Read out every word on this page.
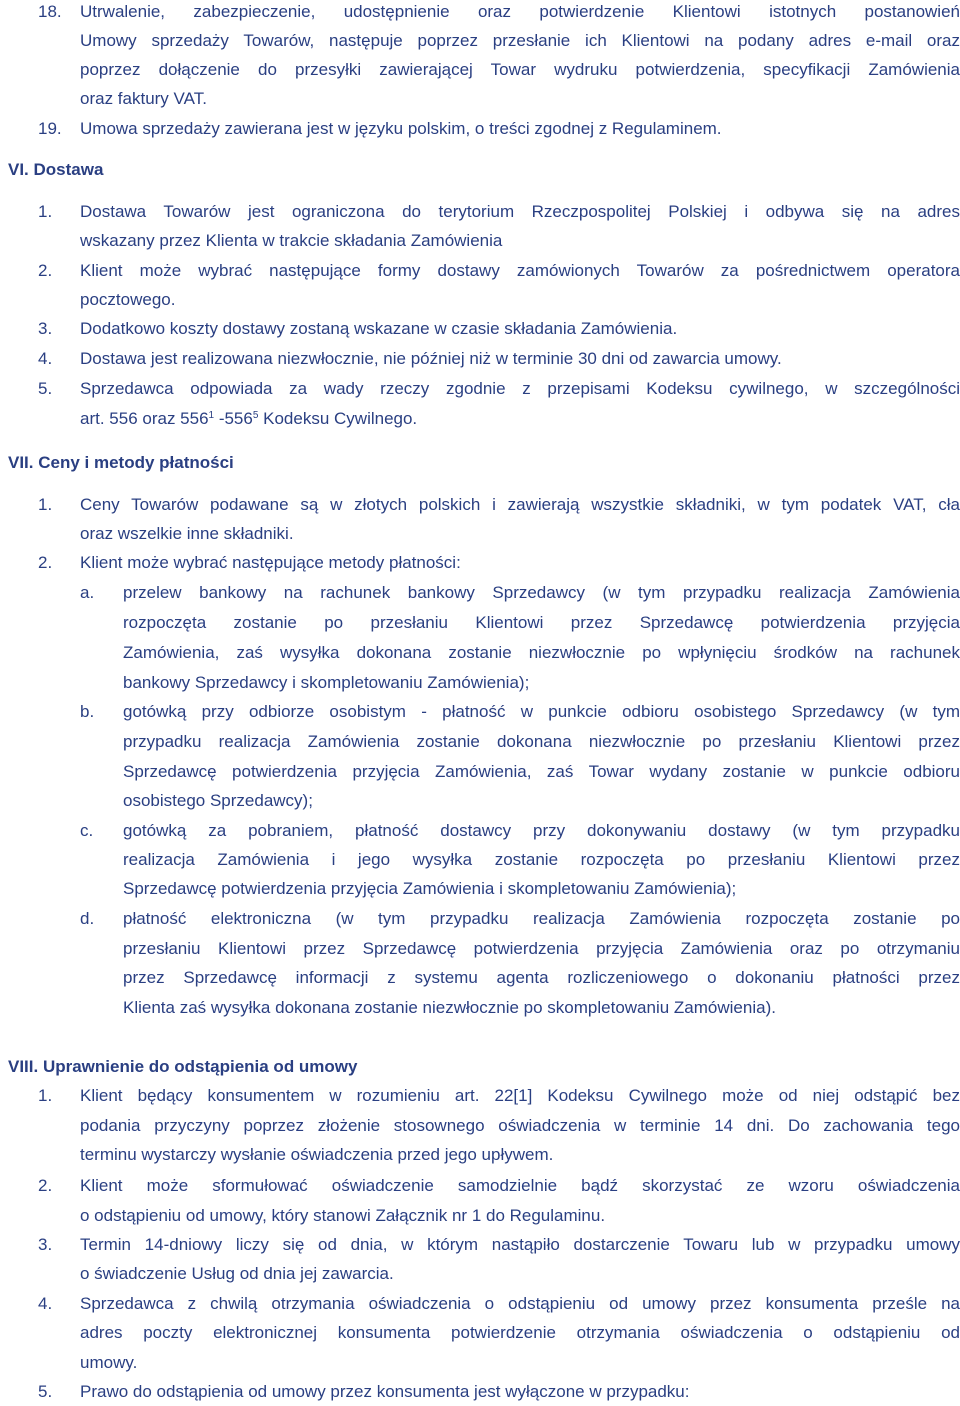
18. Utrwalenie, zabezpieczenie, udostępnienie oraz potwierdzenie Klientowi istotnych postanowień
Umowy sprzedaży Towarów, następuje poprzez przesłanie ich Klientowi na podany adres e-mail oraz
poprzez dołączenie do przesyłki zawierającej Towar wydruku potwierdzenia, specyfikacji Zamówienia
oraz faktury VAT.
19. Umowa sprzedaży zawierana jest w języku polskim, o treści zgodnej z Regulaminem.
VI. Dostawa
1. Dostawa Towarów jest ograniczona do terytorium Rzeczpospolitej Polskiej i odbywa się na adres
wskazany przez Klienta w trakcie składania Zamówienia
2. Klient może wybrać następujące formy dostawy zamówionych Towarów za pośrednictwem operatora
pocztowego.
3. Dodatkowo koszty dostawy zostaną wskazane w czasie składania Zamówienia.
4. Dostawa jest realizowana niezwłocznie, nie później niż w terminie 30 dni od zawarcia umowy.
5. Sprzedawca odpowiada za wady rzeczy zgodnie z przepisami Kodeksu cywilnego, w szczególności
art. 556 oraz $556^1$ $-556^5$ Kodeksu Cywilnego.
VII. Ceny i metody płatności
1. Ceny Towarów podawane są w złotych polskich i zawierają wszystkie składniki, w tym podatek VAT, cła
oraz wszelkie inne składniki.
2. Klient może wybrać następujące metody płatności:
a. przelew bankowy na rachunek bankowy Sprzedawcy (w tym przypadku realizacja Zamówienia
rozpoczęta zostanie po przesłaniu Klientowi przez Sprzedawcę potwierdzenia przyjęcia
Zamówienia, zaś wysyłka dokonana zostanie niezwłocznie po wpłynięciu środków na rachunek
bankowy Sprzedawcy i skompletowaniu Zamówienia);
b. gotówką przy odbiorze osobistym - płatność w punkcie odbioru osobistego Sprzedawcy (w tym
przypadku realizacja Zamówienia zostanie dokonana niezwłocznie po przesłaniu Klientowi przez
Sprzedawcę potwierdzenia przyjęcia Zamówienia, zaś Towar wydany zostanie w punkcie odbioru
osobistego Sprzedawcy);
c. gotówką za pobraniem, płatność dostawcy przy dokonywaniu dostawy (w tym przypadku
realizacja Zamówienia i jego wysyłka zostanie rozpoczęta po przesłaniu Klientowi przez
Sprzedawcę potwierdzenia przyjęcia Zamówienia i skompletowaniu Zamówienia);
d. płatność elektroniczna (w tym przypadku realizacja Zamówienia rozpoczęta zostanie po
przesłaniu Klientowi przez Sprzedawcę potwierdzenia przyjęcia Zamówienia oraz po otrzymaniu
przez Sprzedawcę informacji z systemu agenta rozliczeniowego o dokonaniu płatności przez
Klienta zaś wysyłka dokonana zostanie niezwłocznie po skompletowaniu Zamówienia).
VIII. Uprawnienie do odstąpienia od umowy
1. Klient będący konsumentem w rozumieniu art. 22[1] Kodeksu Cywilnego może od niej odstąpić bez
podania przyczyny poprzez złożenie stosownego oświadczenia w terminie 14 dni. Do zachowania tego
terminu wystarczy wysłanie oświadczenia przed jego upływem.
2. Klient może sformułować oświadczenie samodzielnie bądź skorzystać ze wzoru oświadczenia
o odstąpieniu od umowy, który stanowi Załącznik nr 1 do Regulaminu.
3. Termin 14-dniowy liczy się od dnia, w którym nastąpiło dostarczenie Towaru lub w przypadku umowy
o świadczenie Usług od dnia jej zawarcia.
4. Sprzedawca z chwilą otrzymania oświadczenia o odstąpieniu od umowy przez konsumenta prześle na
adres poczty elektronicznej konsumenta potwierdzenie otrzymania oświadczenia o odstąpieniu od
umowy.
5. Prawo do odstąpienia od umowy przez konsumenta jest wyłączone w przypadku:
